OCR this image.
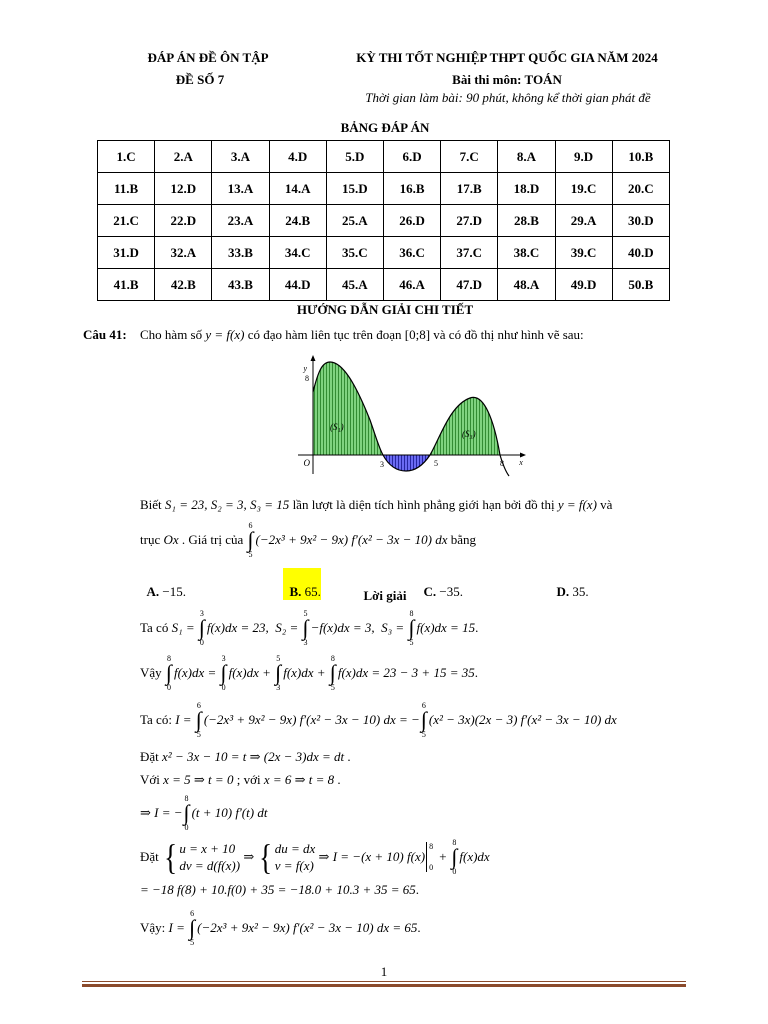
ĐÁP ÁN ĐỀ ÔN TẬP
ĐỀ SỐ 7
KỲ THI TỐT NGHIỆP THPT QUỐC GIA NĂM 2024
Bài thi môn: TOÁN
Thời gian làm bài: 90 phút, không kể thời gian phát đề
BẢNG ĐÁP ÁN
1.C	2.A	3.A	4.D	5.D	6.D	7.C	8.A	9.D	10.B
11.B	12.D	13.A	14.A	15.D	16.B	17.B	18.D	19.C	20.C
21.C	22.D	23.A	24.B	25.A	26.D	27.D	28.B	29.A	30.D
31.D	32.A	33.B	34.C	35.C	36.C	37.C	38.C	39.C	40.D
41.B	42.B	43.B	44.D	45.A	46.A	47.D	48.A	49.D	50.B
HƯỚNG DẪN GIẢI CHI TIẾT
Câu 41: Cho hàm số y = f(x) có đạo hàm liên tục trên đoạn [0;8] và có đồ thị như hình vẽ sau:
y
8
O	3	5	8 x
(S₁)
(S₃)
Biết S₁ = 23, S₂ = 3, S₃ = 15 lần lượt là diện tích hình phẳng giới hạn bởi đồ thị y = f(x) và
trục Ox . Giá trị của
6
∫
5
(−2x³ + 9x² − 9x) f′(x² − 3x − 10) dx bằng

A. −15.	B. 65.	C. −35.	D. 35.

Lời giải
Ta có S₁ =
3
∫
0
f(x)dx = 23,  S₂ =
5
∫
3
−f(x)dx = 3,  S₃ =
8
∫
5
f(x)dx = 15 .
Vậy
8
∫
0
f(x)dx =
3
∫
0
f(x)dx +
5
∫
3
f(x)dx +
8
∫
5
f(x)dx = 23 − 3 + 15 = 35 .
Ta có: I =
6
∫
5
(−2x³ + 9x² − 9x) f′(x² − 3x − 10) dx = −
6
∫
5
(x² − 3x)(2x − 3) f′(x² − 3x − 10) dx
Đặt x² − 3x − 10 = t ⇒ (2x − 3)dx = dt .
Với x = 5 ⇒ t = 0 ; với x = 6 ⇒ t = 8 .
⇒ I = −
8
∫
0
(t + 10) f′(t) dt
Đặt
{
u = x + 10
dv = d(f(x))
⇒
{
du = dx
v = f(x)
⇒ I = −(x + 10) f(x)
8
0
+
8
∫
0
f(x)dx
= −18 f(8) + 10.f(0) + 35 = −18.0 + 10.3 + 35 = 65 .
Vậy: I =
6
∫
5
(−2x³ + 9x² − 9x) f′(x² − 3x − 10) dx = 65 .
1
